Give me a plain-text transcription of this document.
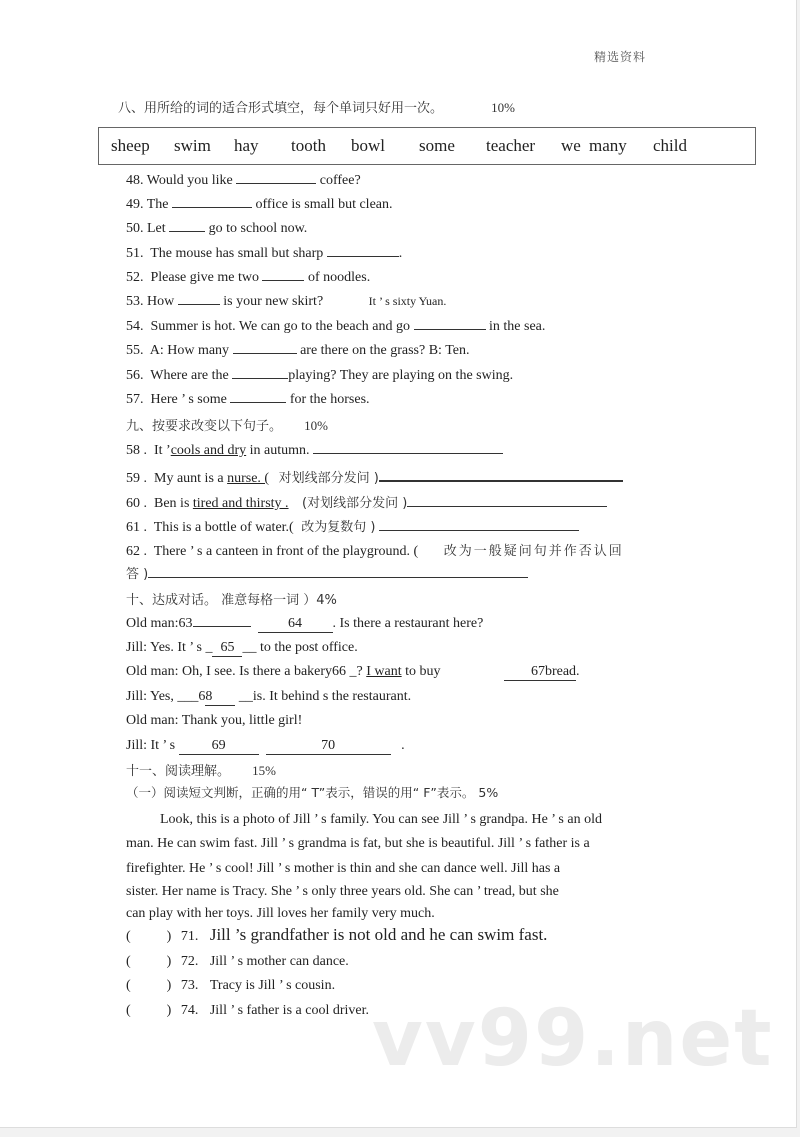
精选资料
八、用所给的词的适合形式填空，每个单词只好用一次。	10%
sheep	swim	hay	tooth	bowl	some	teacher	we many	child
48. Would you like	coffee?
49. The	office is small but clean.
50. Let	go to school now.
51. The mouse has small but sharp	.
52. Please give me two	of noodles.
53. How	is your new skirt?	It ’ s sixty Yuan.
54. Summer is hot. We can go to the beach and go	in the sea.
55. A: How many	are there on the grass? B: Ten.
56. Where are the	playing? They are playing on the swing.
57. Here ’ s some	for the horses.
九、按要求改变以下句子。 10%
58 . It ’cools and dry in autumn.
59 . My aunt is a nurse. ( 对划线部分发问 )
60 . Ben is tired and thirsty . (对划线部分发问 )
61 . This is a bottle of water.( 改为复数句 )
62 . There ’ s a canteen in front of the playground. ( 改为一般疑问句并作否认回
答 )
十、达成对话。 准意每格一词 ）4%
Old man:63	64 . Is there a restaurant here?
Jill: Yes. It ’ s _ 65 __ to the post office.
Old man: Oh, I see. Is there a bakery66 _? I want to buy	67bread.
Jill: Yes, ___68 __is. It behind s the restaurant.
Old man: Thank you, little girl!
Jill: It ’ s 69	70	.
十一、阅读理解。 15%
（一）阅读短文判断，正确的用“ T”表示，错误的用“ F”表示。 5%
Look, this is a photo of Jill ’ s family. You can see Jill ’ s grandpa. He ’ s an old
man. He can swim fast. Jill ’ s grandma is fat, but she is beautiful. Jill ’ s father is a
firefighter. He ’ s cool! Jill ’ s mother is thin and she can dance well. Jill has a
sister. Her name is Tracy. She ’ s only three years old. She can ’ tread, but she
can play with her toys. Jill loves her family very much.
(	) 71. Jill ’s grandfather is not old and he can swim fast.
(	) 72. Jill ’ s mother can dance.
(	) 73. Tracy is Jill ’ s cousin.
(	) 74. Jill ’ s father is a cool driver. vv99.net
